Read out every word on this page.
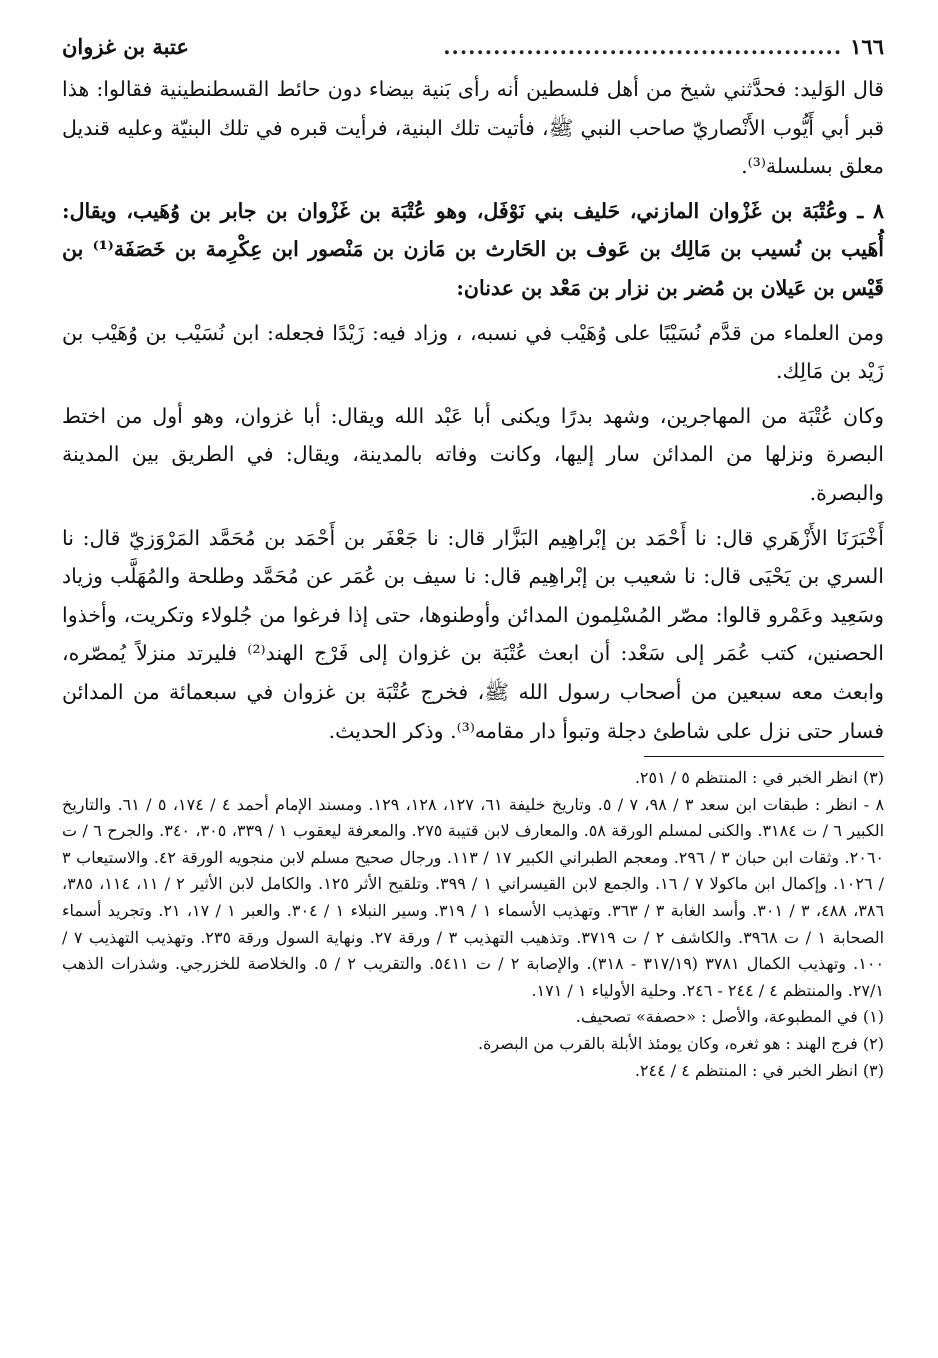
١٦٦
................................................
عتبة بن غزوان

قال الوَليد: فحدَّثني شيخ من أهل فلسطين أنه رأى بَنية بيضاء دون حائط القسطنطينية فقالوا: هذا قبر أبي أَيُّوب الأَنْصاريّ صاحب النبي ﷺ، فأتيت تلك البنية، فرأيت قبره في تلك البنيّة وعليه قنديل معلق بسلسلة⁽³⁾.

٨ ـ وعُتْبَة بن غَزْوان المازني، حَليف بني نَوْفَل، وهو عُتْبَة بن غَزْوان بن جابر بن وُهَيب، ويقال: أُهَيب بن نُسيب بن مَالِك بن عَوف بن الحَارث بن مَازن بن مَنْصور ابن عِكْرِمة بن خَصَفَة⁽¹⁾ بن قَيْس بن عَيلان بن مُضر بن نزار بن مَعْد بن عدنان:

ومن العلماء من قدَّم نُسَيْبًا على وُهَيْب في نسبه، ، وزاد فيه: زَيْدًا فجعله: ابن نُسَيْب بن وُهَيْب بن زَيْد بن مَالِك.

وكان عُتْبَة من المهاجرين، وشهد بدرًا ويكنى أبا عَبْد الله ويقال: أبا غزوان، وهو أول من اختط البصرة ونزلها من المدائن سار إليها، وكانت وفاته بالمدينة، ويقال: في الطريق بين المدينة والبصرة.

أَخْبَرَنَا الأَزْهَري قال: نا أَحْمَد بن إبْراهِيم البَزَّار قال: نا جَعْفَر بن أَحْمَد بن مُحَمَّد المَرْوَزيّ قال: نا السري بن يَحْيَى قال: نا شعيب بن إبْراهِيم قال: نا سيف بن عُمَر عن مُحَمَّد وطلحة والمُهَلَّب وزياد وسَعِيد وعَمْرو قالوا: مصّر المُسْلِمون المدائن وأوطنوها، حتى إذا فرغوا من جُلولاء وتكريت، وأخذوا الحصنين، كتب عُمَر إلى سَعْد: أن ابعث عُتْبَة بن غزوان إلى فَرْج الهند⁽²⁾ فليرتد منزلاً يُمصّره، وابعث معه سبعين من أصحاب رسول الله ﷺ، فخرج عُتْبَة بن غزوان في سبعمائة من المدائن فسار حتى نزل على شاطئ دجلة وتبوأ دار مقامه⁽³⁾. وذكر الحديث.

(٣) انظر الخبر في : المنتظم ٥ / ٢٥١.

٨ - انظر : طبقات ابن سعد ٣ / ٩٨، ٧ / ٥. وتاريخ خليفة ٦١، ١٢٧، ١٢٨، ١٢٩. ومسند الإمام أحمد ٤ / ١٧٤، ٥ / ٦١. والتاريخ الكبير ٦ / ت ٣١٨٤. والكنى لمسلم الورقة ٥٨. والمعارف لابن قتيبة ٢٧٥. والمعرفة ليعقوب ١ / ٣٣٩، ٣٠٥، ٣٤٠. والجرح ٦ / ت ٢٠٦٠. وثقات ابن حبان ٣ / ٢٩٦. ومعجم الطبراني الكبير ١٧ / ١١٣. ورجال صحيح مسلم لابن منجويه الورقة ٤٢. والاستيعاب ٣ / ١٠٢٦. وإكمال ابن ماكولا ٧ / ١٦. والجمع لابن القيسراني ١ / ٣٩٩. وتلقيح الأثر ١٢٥. والكامل لابن الأثير ٢ / ١١، ١١٤، ٣٨٥، ٣٨٦، ٤٨٨، ٣ / ٣٠١. وأسد الغابة ٣ / ٣٦٣. وتهذيب الأسماء ١ / ٣١٩. وسير النبلاء ١ / ٣٠٤. والعبر ١ / ١٧، ٢١. وتجريد أسماء الصحابة ١ / ت ٣٩٦٨. والكاشف ٢ / ت ٣٧١٩. وتذهيب التهذيب ٣ / ورقة ٢٧. ونهاية السول ورقة ٢٣٥. وتهذيب التهذيب ٧ / ١٠٠. وتهذيب الكمال ٣٧٨١ (٣١٧/١٩ - ٣١٨). والإصابة ٢ / ت ٥٤١١. والتقريب ٢ / ٥. والخلاصة للخزرجي. وشذرات الذهب ٢٧/١. والمنتظم ٤ / ٢٤٤ - ٢٤٦. وحلية الأولياء ١ / ١٧١.

(١) في المطبوعة، والأصل : «حصفة» تصحيف.

(٢) فرج الهند : هو ثغره، وكان يومئذ الأبلة بالقرب من البصرة.

(٣) انظر الخبر في : المنتظم ٤ / ٢٤٤.
